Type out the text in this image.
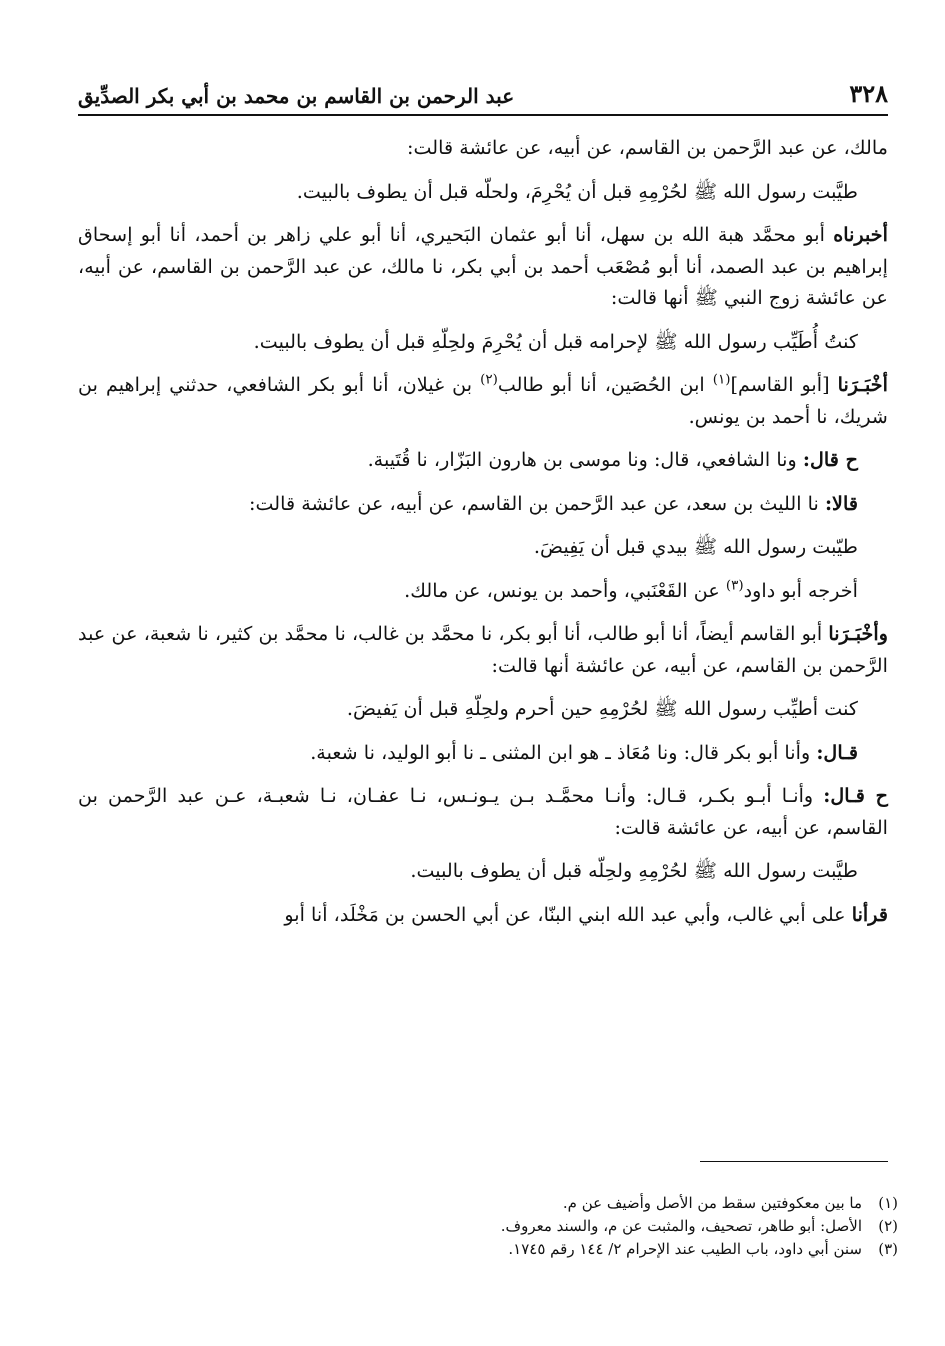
٣٢٨
عبد الرحمن بن القاسم بن محمد بن أبي بكر الصدِّيق

مالك، عن عبد الرَّحمن بن القاسم، عن أبيه، عن عائشة قالت:

طيَّبت رسول الله ﷺ لحُرْمِهِ قبل أن يُحْرِمَ، ولحلّه قبل أن يطوف بالبيت.

أخبرناه أبو محمَّد هبة الله بن سهل، أنا أبو عثمان البَحيري، أنا أبو علي زاهر بن أحمد، أنا أبو إسحاق إبراهيم بن عبد الصمد، أنا أبو مُصْعَب أحمد بن أبي بكر، نا مالك، عن عبد الرَّحمن بن القاسم، عن أبيه، عن عائشة زوج النبي ﷺ أنها قالت:

كنتُ أُطَيِّب رسول الله ﷺ لإحرامه قبل أن يُحْرِمَ ولحِلّهِ قبل أن يطوف بالبيت.

أخْبَـرَنا [أبو القاسم]$^{(١)}$ ابن الحُصَين، أنا أبو طالب$^{(٢)}$ بن غيلان، أنا أبو بكر الشافعي، حدثني إبراهيم بن شريك، نا أحمد بن يونس.

ح قال: ونا الشافعي، قال: ونا موسى بن هارون البَزّار، نا قُتَيبة.

قالا: نا الليث بن سعد، عن عبد الرَّحمن بن القاسم، عن أبيه، عن عائشة قالت:

طيّبت رسول الله ﷺ بيدي قبل أن يَفِيضَ.

أخرجه أبو داود$^{(٣)}$ عن القَعْنَبي، وأحمد بن يونس، عن مالك.

وأخْبَـرَنا أبو القاسم أيضاً، أنا أبو طالب، أنا أبو بكر، نا محمَّد بن غالب، نا محمَّد بن كثير، نا شعبة، عن عبد الرَّحمن بن القاسم، عن أبيه، عن عائشة أنها قالت:

كنت أطيِّب رسول الله ﷺ لحُرْمِهِ حين أحرم ولحِلّهِ قبل أن يَفيضَ.

قـال: وأنا أبو بكر قال: ونا مُعَاذ ـ هو ابن المثنى ـ نا أبو الوليد، نا شعبة.

ح قـال: وأنـا أبـو بكـر، قـال: وأنـا محمَّـد بـن يـونـس، نـا عفـان، نـا شعبـة، عـن عبد الرَّحمن بن القاسم، عن أبيه، عن عائشة قالت:

طيَّبت رسول الله ﷺ لحُرْمِهِ ولحِلّه قبل أن يطوف بالبيت.

قرأنا على أبي غالب، وأبي عبد الله ابني البنّا، عن أبي الحسن بن مَخْلَد، أنا أبو

(١)
ما بين معكوفتين سقط من الأصل وأضيف عن م.
(٢)
الأصل: أبو طاهر، تصحيف، والمثبت عن م، والسند معروف.
(٣)
سنن أبي داود، باب الطيب عند الإحرام ٢/ ١٤٤ رقم ١٧٤٥.
